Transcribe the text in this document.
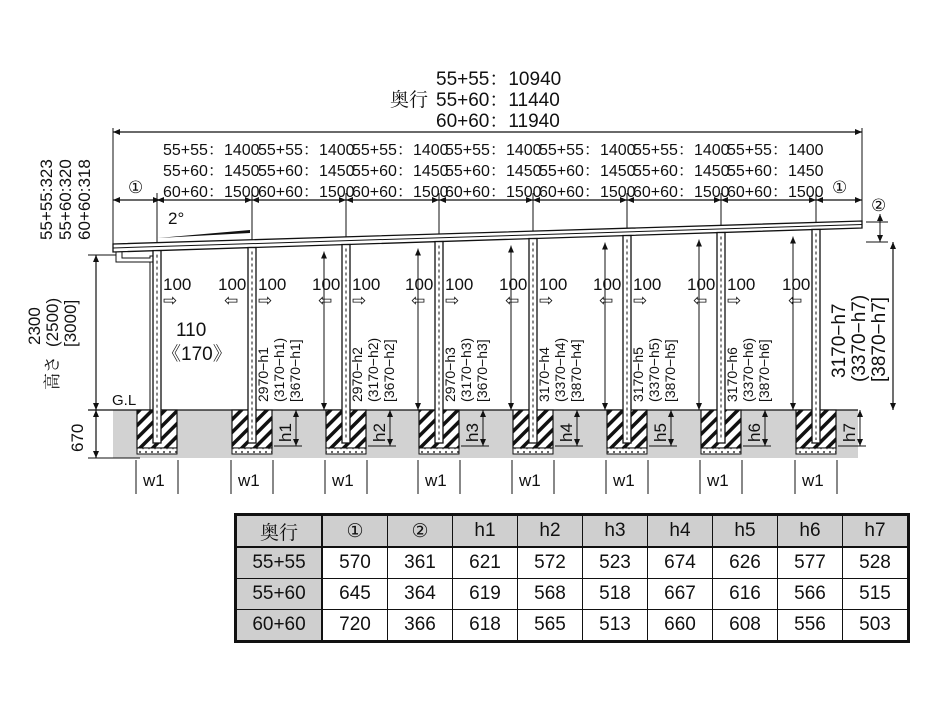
55+55：10940
55+60：11440
60+60：11940
奥行
55+55:323 55+60:320 60+60:318
55+55：1400
55+60：1450
60+60：1500
55+55：1400
55+60：1450
60+60：1500
55+55：1400
55+60：1450
60+60：1500
55+55：1400
55+60：1450
60+60：1500
55+55：1400
55+60：1450
60+60：1500
55+55：1400
55+60：1450
60+60：1500
55+55：1400
55+60：1450
60+60：1500
①	①
②
2°
G.L
2300 (2500) [3000]
高さ
670
110
《170》
w1
100
⇨
w1
100
⇨
100
⇦
h1
2970−h1 (3170−h1) [3670−h1]
w1
100
⇨
100
⇦
h2
2970−h2 (3170−h2) [3670−h2]
w1
100
⇨
100
⇦
h3
2970−h3 (3170−h3) [3670−h3]
w1
100
⇨
100
⇦
h4
3170−h4 (3370−h4) [3870−h4]
w1
100
⇨
100
⇦
h5
3170−h5 (3370−h5) [3870−h5]
w1
100
⇨
100
⇦
h6
3170−h6 (3370−h6) [3870−h6]
w1
100
⇦
h7
3170−h7 (3370−h7) [3870−h7]
奥行	①	②	h1	h2	h3	h4	h5	h6	h7
55+55	570	361	621	572	523	674	626	577	528
55+60	645	364	619	568	518	667	616	566	515
60+60	720	366	618	565	513	660	608	556	503
